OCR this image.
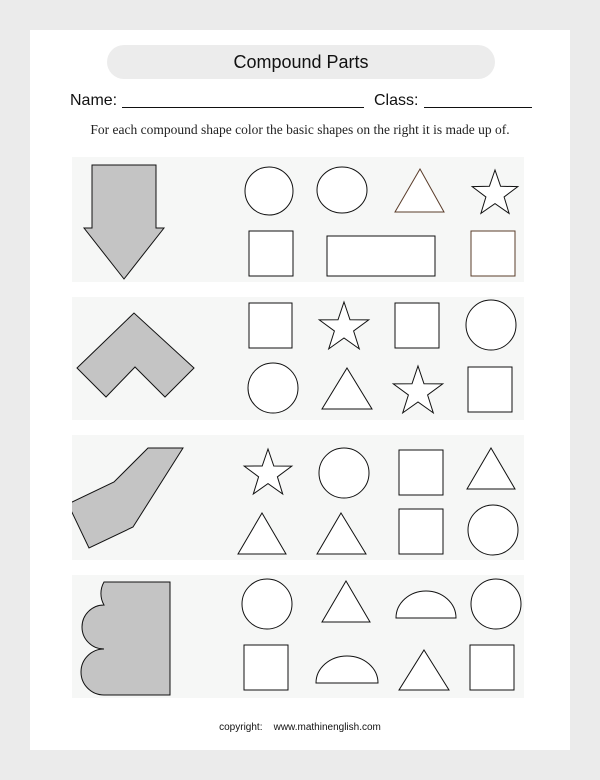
Compound Parts
Name:	Class:
For each compound shape color the basic shapes on the right it is made up of.
copyright: www.mathinenglish.com
